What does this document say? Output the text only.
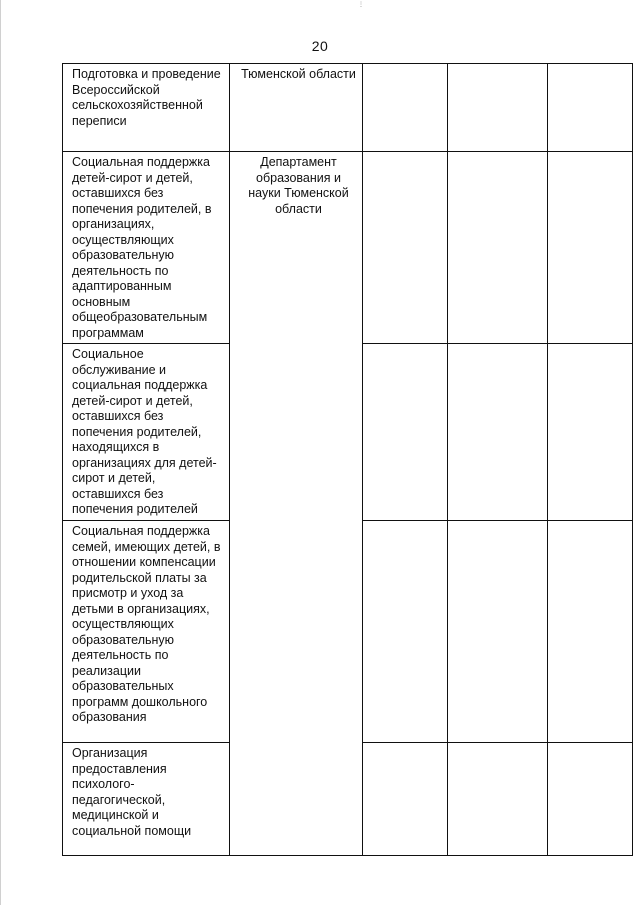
⋮
20
Подготовка и проведение Всероссийской сельскохозяйственной переписи	Тюменской области			
Социальная поддержка детей-сирот и детей, оставшихся без попечения родителей, в организациях, осуществляющих образовательную деятельность по адаптированным основным общеобразовательным программам	Департамент образования и науки Тюменской области			
Социальное обслуживание и социальная поддержка детей-сирот и детей, оставшихся без попечения родителей, находящихся в организациях для детей-сирот и детей, оставшихся без попечения родителей				
Социальная поддержка семей, имеющих детей, в отношении компенсации родительской платы за присмотр и уход за детьми в организациях, осуществляющих образовательную деятельность по реализации образовательных программ дошкольного образования				
Организация предоставления психолого-педагогической, медицинской и социальной помощи				
